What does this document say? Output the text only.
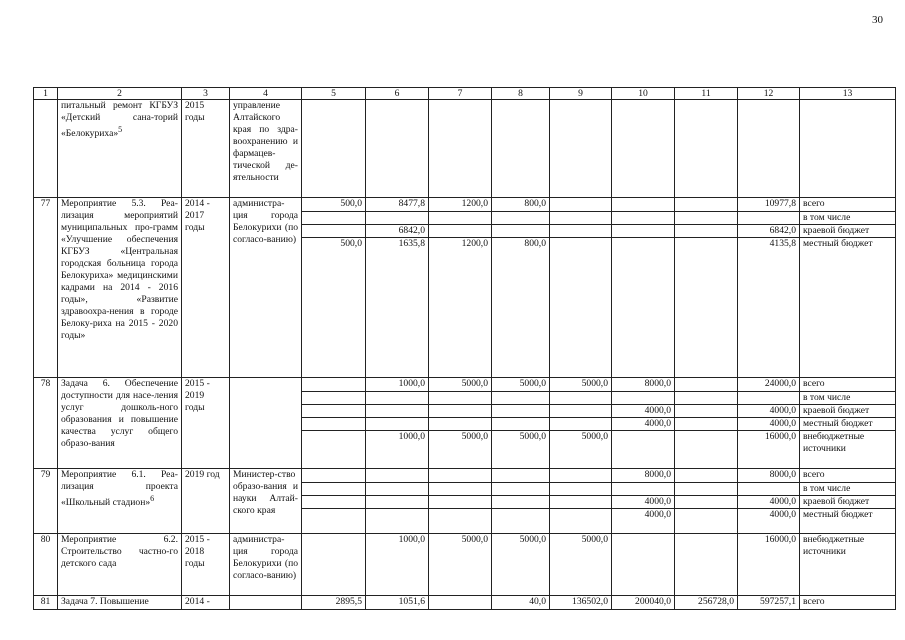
30
1	2	3	4	5	6	7	8	9	10	11	12	13
	питальный ремонт КГБУЗ «Детский сана-торий «Белокуриха»$^5$	2015 годы	управление Алтайского края по здра-воохранению и фармацев-тической де-ятельности									
77	Мероприятие 5.3. Реа-лизация мероприятий муниципальных про-грамм «Улучшение обеспечения КГБУЗ «Центральная городская больница города Белокуриха» медицинскими кадрами на 2014 - 2016 годы», «Развитие здравоохра-нения в городе Белоку-риха на 2015 - 2020 годы»	2014 - 2017 годы	администра-ция города Белокурихи (по согласо-ванию)	500,0	8477,8	1200,0	800,0				10977,8	всего
												в том числе
					6842,0						6842,0	краевой бюджет
				500,0	1635,8	1200,0	800,0				4135,8	местный бюджет
78	Задача 6. Обеспечение доступности для насе-ления услуг дошколь-ного образования и повышение качества услуг общего образо-вания	2015 - 2019 годы			1000,0	5000,0	5000,0	5000,0	8000,0		24000,0	всего
												в том числе
									4000,0		4000,0	краевой бюджет
									4000,0		4000,0	местный бюджет
					1000,0	5000,0	5000,0	5000,0			16000,0	внебюджетные источники
79	Мероприятие 6.1. Реа-лизация проекта «Школьный стадион»$^6$	2019 год	Министер-ство образо-вания и науки Алтай-ского края						8000,0		8000,0	всего
												в том числе
									4000,0		4000,0	краевой бюджет
									4000,0		4000,0	местный бюджет
80	Мероприятие 6.2. Строительство частно-го детского сада	2015 - 2018 годы	администра-ция города Белокурихи (по согласо-ванию)		1000,0	5000,0	5000,0	5000,0			16000,0	внебюджетные источники
81	Задача 7. Повышение	2014 -		2895,5	1051,6		40,0	136502,0	200040,0	256728,0	597257,1	всего
